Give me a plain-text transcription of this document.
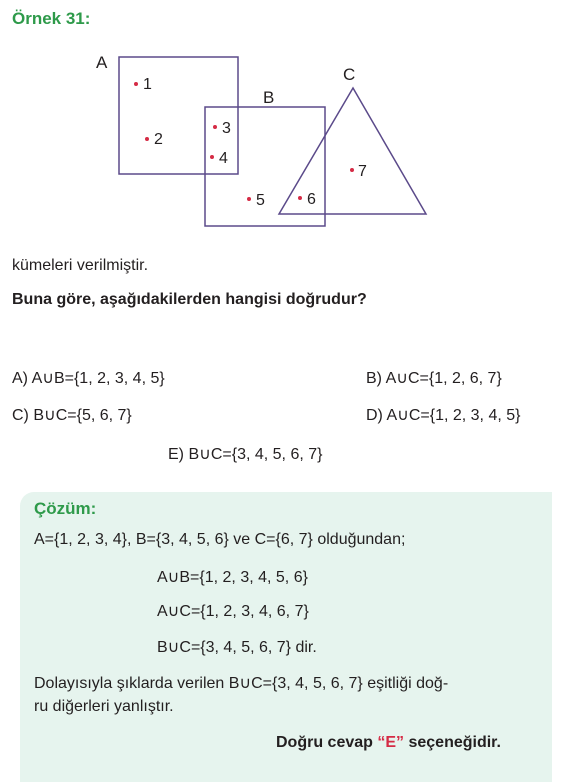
Örnek 31:
A
B
C
1
2
3
4
5	6
7
kümeleri verilmiştir.
Buna göre, aşağıdakilerden hangisi doğrudur?
A) A∪B={1, 2, 3, 4, 5}	B) A∪C={1, 2, 6, 7}
C) B∪C={5, 6, 7}	D) A∪C={1, 2, 3, 4, 5}
E) B∪C={3, 4, 5, 6, 7}
Çözüm:
A={1, 2, 3, 4}, B={3, 4, 5, 6} ve C={6, 7} olduğundan;
A∪B={1, 2, 3, 4, 5, 6}
A∪C={1, 2, 3, 4, 6, 7}
B∪C={3, 4, 5, 6, 7} dir.
Dolayısıyla şıklarda verilen B∪C={3, 4, 5, 6, 7} eşitliği doğ-
ru diğerleri yanlıştır.
Doğru cevap “E” seçeneğidir.
